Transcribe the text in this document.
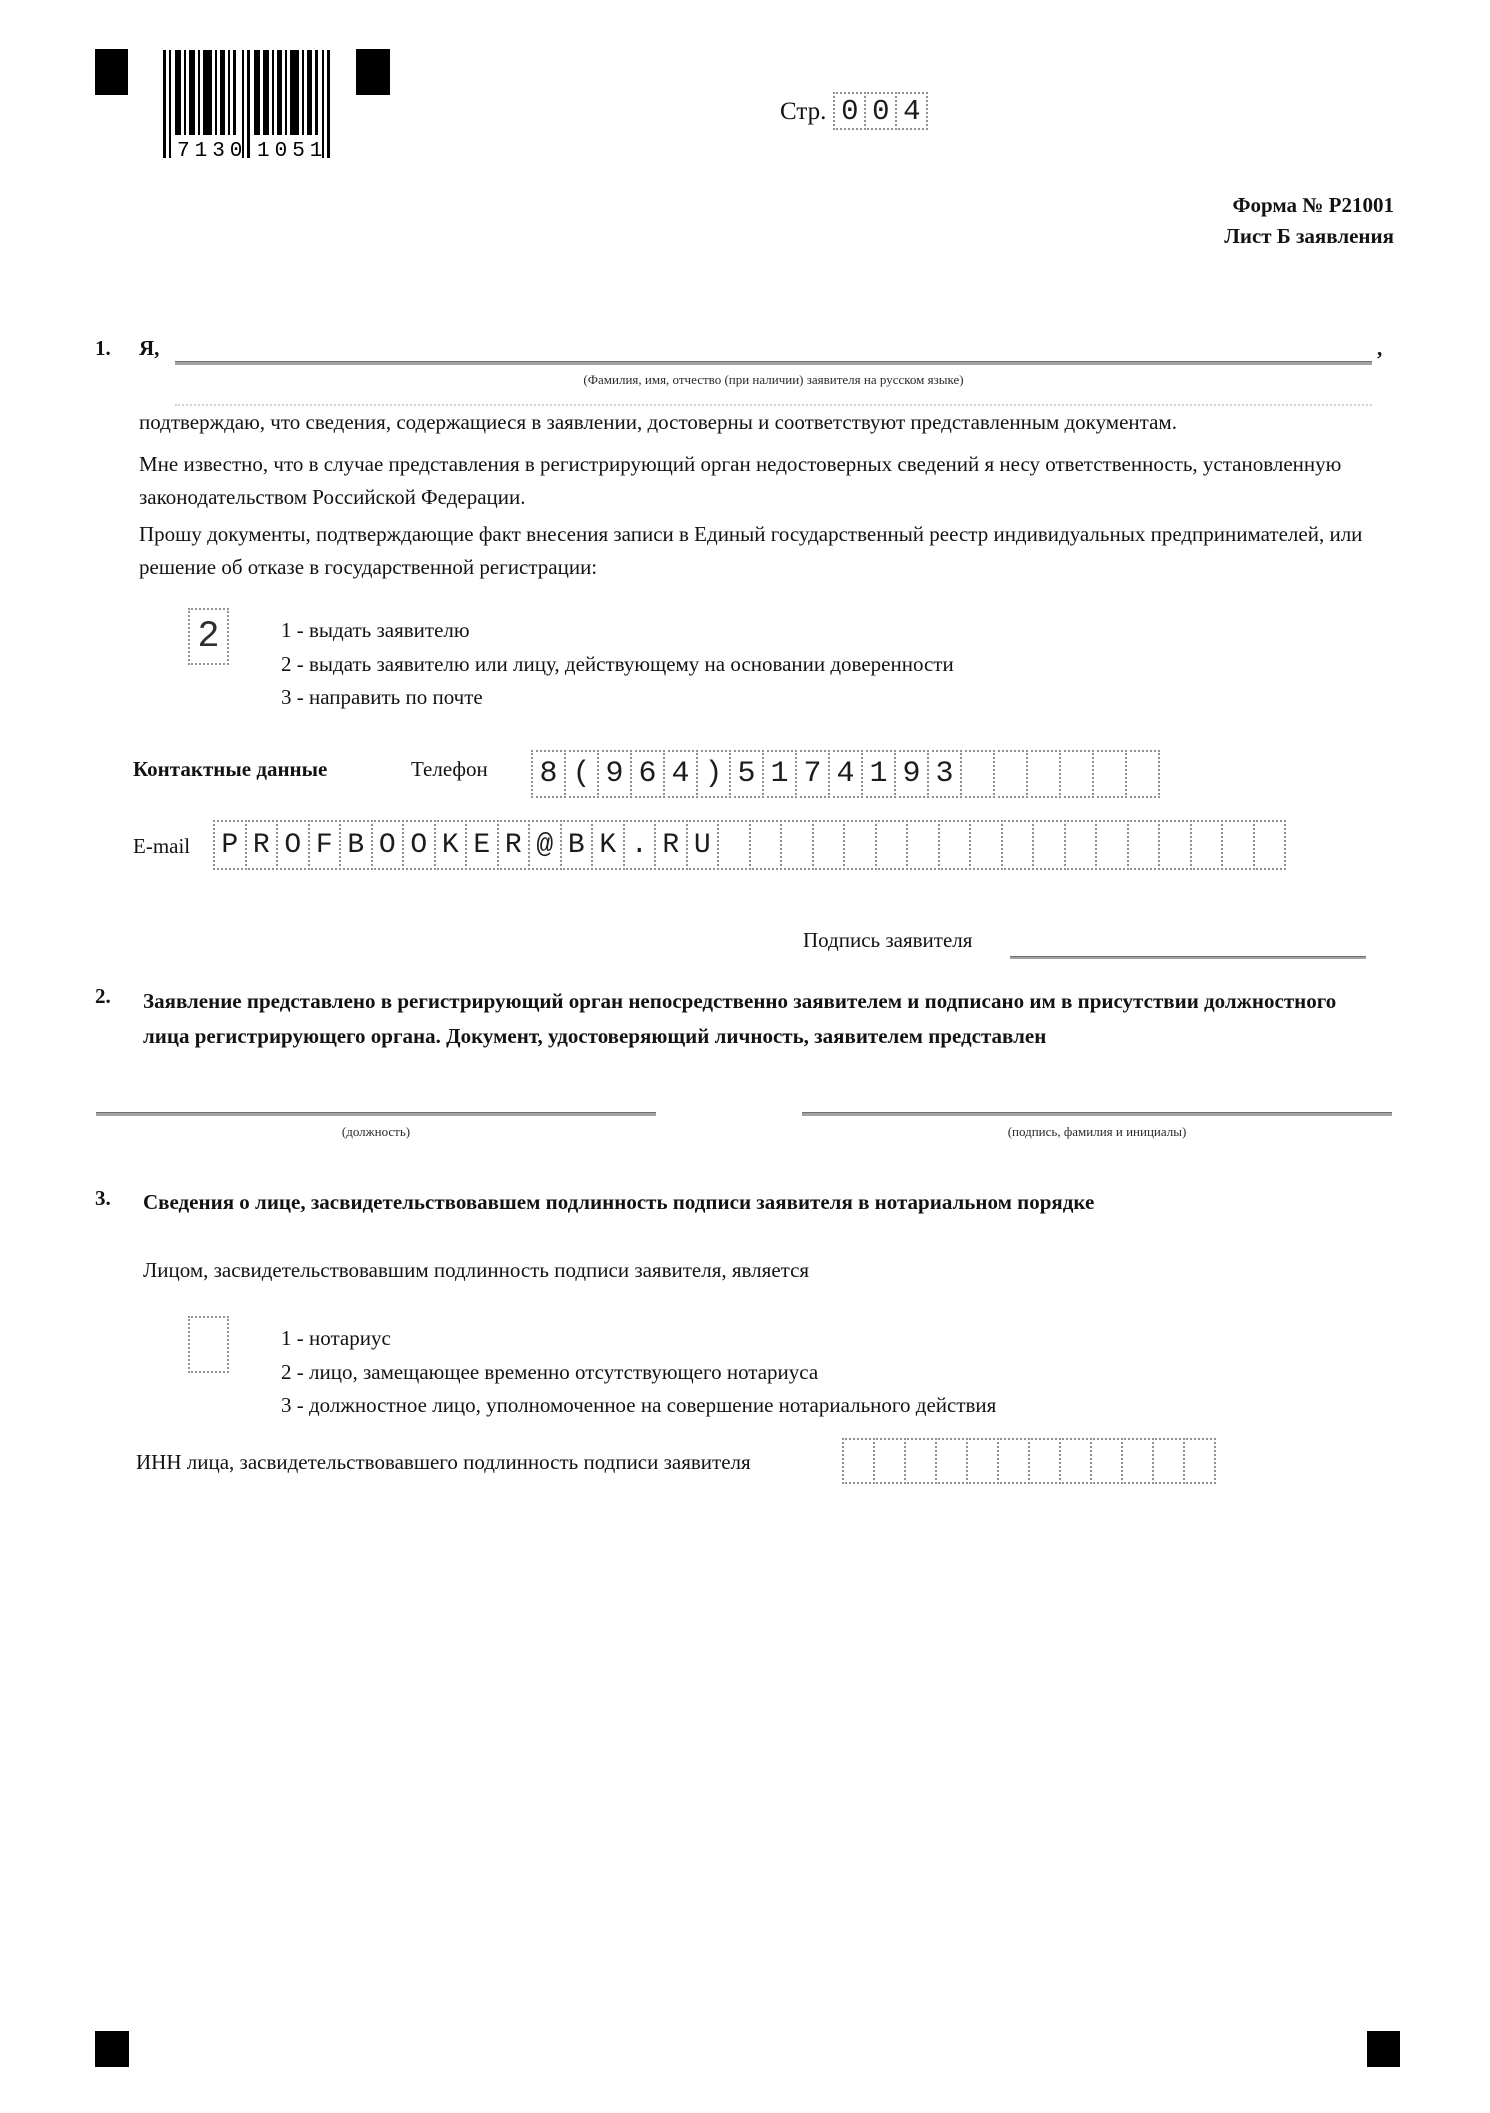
7130 1051
Стр. 0 0 4
Форма № Р21001
Лист Б заявления
1. Я,	,
(Фамилия, имя, отчество (при наличии) заявителя на русском языке)
подтверждаю, что сведения, содержащиеся в заявлении, достоверны и соответствуют представленным документам.
Мне известно, что в случае представления в регистрирующий орган недостоверных сведений я несу ответственность, установленную законодательством Российской Федерации.
Прошу документы, подтверждающие факт внесения записи в Единый государственный реестр индивидуальных предпринимателей, или решение об отказе в государственной регистрации:
2	1 - выдать заявителю
2 - выдать заявителю или лицу, действующему на основании доверенности
3 - направить по почте
Контактные данные	Телефон 8 ( 9 6 4 ) 5 1 7 4 1 9 3
E-mail P R O F B O O K E R @ B K . R U
Подпись заявителя
2. Заявление представлено в регистрирующий орган непосредственно заявителем и подписано им в присутствии должностного лица регистрирующего органа. Документ, удостоверяющий личность, заявителем представлен
(должность)	(подпись, фамилия и инициалы)
3. Сведения о лице, засвидетельствовавшем подлинность подписи заявителя в нотариальном порядке
Лицом, засвидетельствовавшим подлинность подписи заявителя, является
1 - нотариус
2 - лицо, замещающее временно отсутствующего нотариуса
3 - должностное лицо, уполномоченное на совершение нотариального действия
ИНН лица, засвидетельствовавшего подлинность подписи заявителя
